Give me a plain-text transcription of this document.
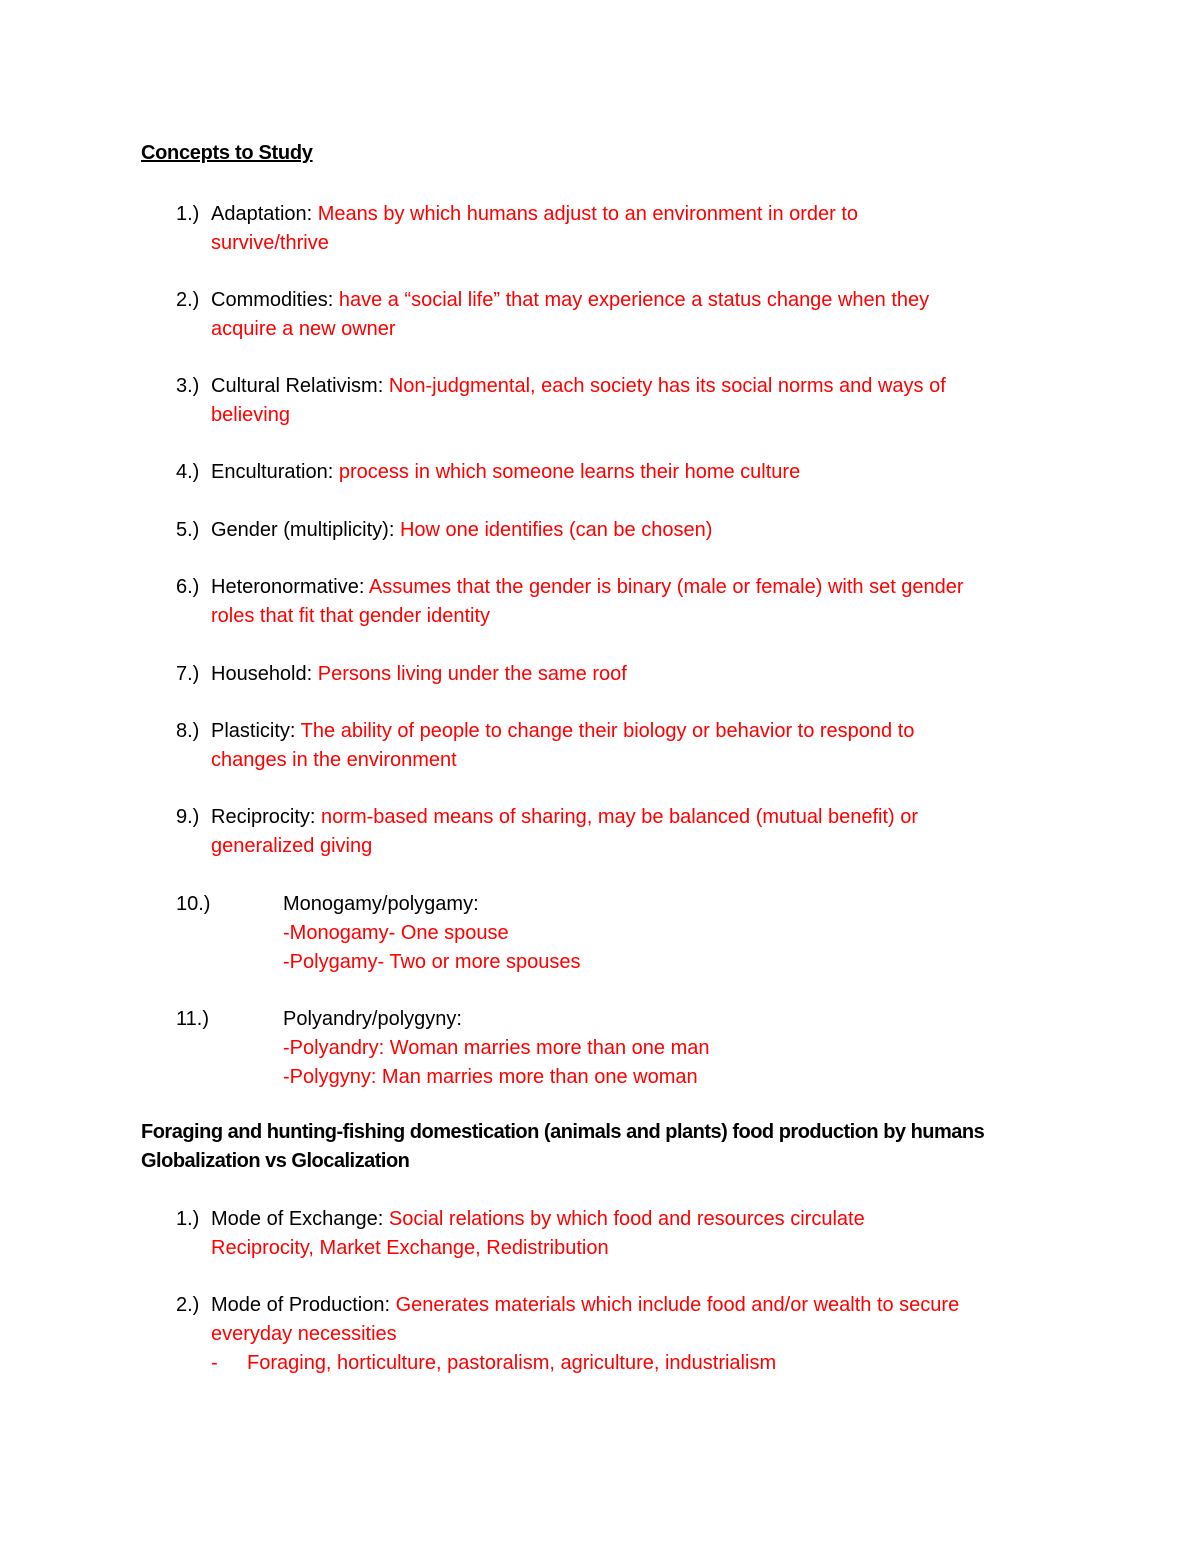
Concepts to Study
1.) Adaptation: Means by which humans adjust to an environment in order to
survive/thrive
2.) Commodities: have a “social life” that may experience a status change when they
acquire a new owner
3.) Cultural Relativism: Non-judgmental, each society has its social norms and ways of
believing
4.) Enculturation: process in which someone learns their home culture
5.) Gender (multiplicity): How one identifies (can be chosen)
6.) Heteronormative: Assumes that the gender is binary (male or female) with set gender
roles that fit that gender identity
7.) Household: Persons living under the same roof
8.) Plasticity: The ability of people to change their biology or behavior to respond to
changes in the environment
9.) Reciprocity: norm-based means of sharing, may be balanced (mutual benefit) or
generalized giving
10.)	Monogamy/polygamy:
-Monogamy- One spouse
-Polygamy- Two or more spouses
11.)	Polyandry/polygyny:
-Polyandry: Woman marries more than one man
-Polygyny: Man marries more than one woman
Foraging and hunting-fishing domestication (animals and plants) food production by humans
Globalization vs Glocalization
1.) Mode of Exchange: Social relations by which food and resources circulate
Reciprocity, Market Exchange, Redistribution
2.) Mode of Production: Generates materials which include food and/or wealth to secure
everyday necessities
- Foraging, horticulture, pastoralism, agriculture, industrialism
